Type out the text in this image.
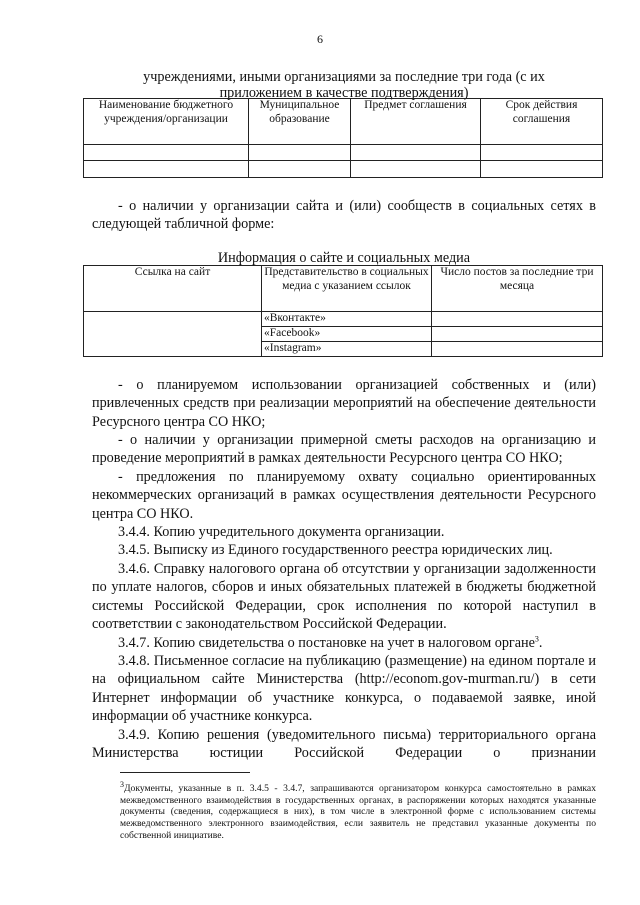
6
учреждениями, иными организациями за последние три года (с их
приложением в качестве подтверждения)
Наименование бюджетного учреждения/организации	Муниципальное образование	Предмет соглашения	Срок действия соглашения

- о наличии у организации сайта и (или) сообществ в социальных сетях в следующей табличной форме:
Информация о сайте и социальных медиа
Ссылка на сайт	Представительство в социальных медиа с указанием ссылок	Число постов за последние три месяца
	«Вконтакте»	
	«Facebook»	
	«Instagram»	
- о планируемом использовании организацией собственных и (или) привлеченных средств при реализации мероприятий на обеспечение деятельности Ресурсного центра СО НКО;
- о наличии у организации примерной сметы расходов на организацию и проведение мероприятий в рамках деятельности Ресурсного центра СО НКО;
- предложения по планируемому охвату социально ориентированных некоммерческих организаций в рамках осуществления деятельности Ресурсного центра СО НКО.
3.4.4. Копию учредительного документа организации.
3.4.5. Выписку из Единого государственного реестра юридических лиц.
3.4.6. Справку налогового органа об отсутствии у организации задолженности по уплате налогов, сборов и иных обязательных платежей в бюджеты бюджетной системы Российской Федерации, срок исполнения по которой наступил в соответствии с законодательством Российской Федерации.
3.4.7. Копию свидетельства о постановке на учет в налоговом органе$^3$.
3.4.8. Письменное согласие на публикацию (размещение) на едином портале и на официальном сайте Министерства (http://econom.gov-murman.ru/) в сети Интернет информации об участнике конкурса, о подаваемой заявке, иной информации об участнике конкурса.
3.4.9. Копию решения (уведомительного письма) территориального органа Министерства юстиции Российской Федерации о признании
$^3$Документы, указанные в п. 3.4.5 - 3.4.7, запрашиваются организатором конкурса самостоятельно в рамках межведомственного взаимодействия в государственных органах, в распоряжении которых находятся указанные документы (сведения, содержащиеся в них), в том числе в электронной форме с использованием системы межведомственного электронного взаимодействия, если заявитель не представил указанные документы по собственной инициативе.
